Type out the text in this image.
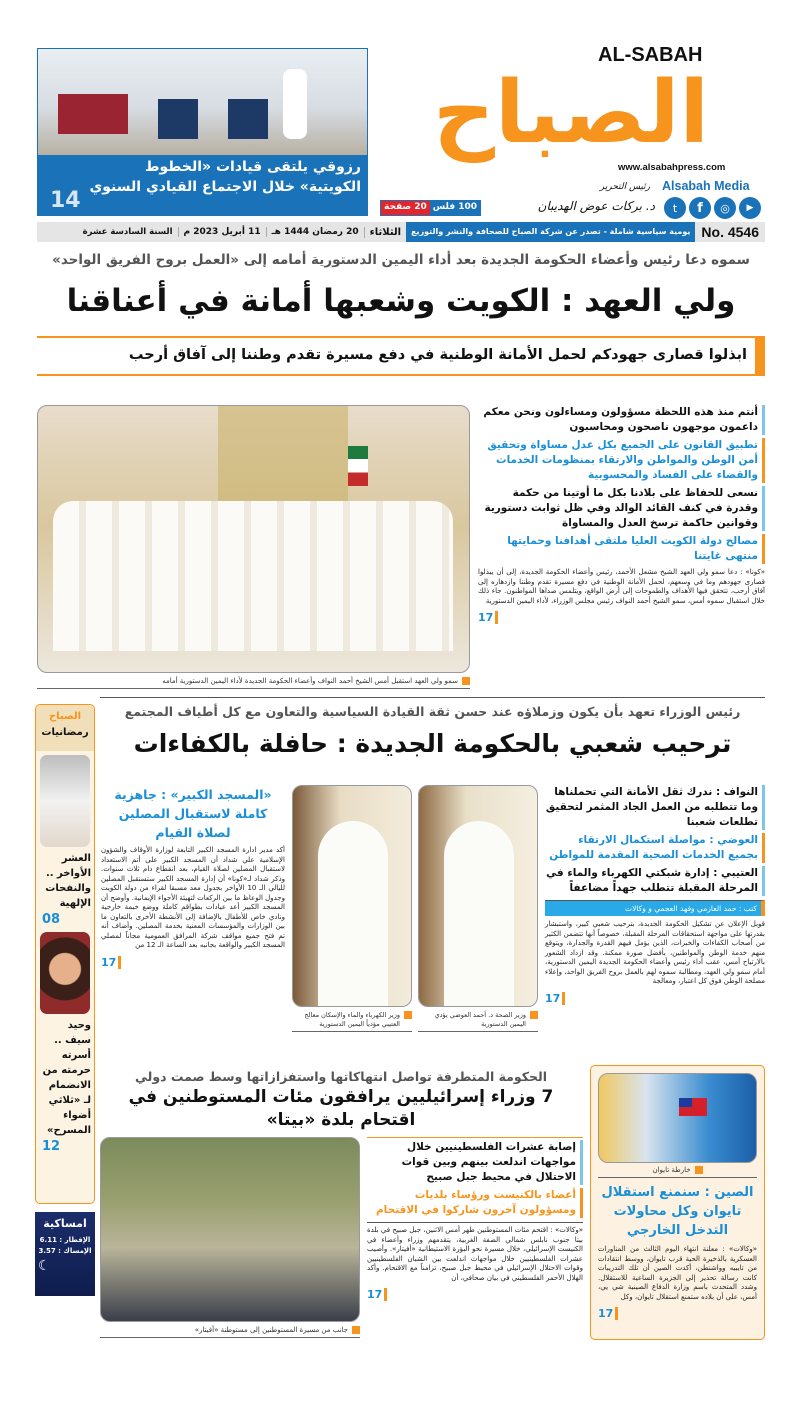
رزوقي يلتقى قيادات «الخطوط الكويتية» خلال الاجتماع القيادي السنوي
14
AL-SABAH
الصباح
www.alsabahpress.com
Alsabah Media
t	f	◎	▶
رئيس التحرير
د. بركات عوض الهديبان
100 فلس
20 صفحة
No. 4546
يومية سياسية شاملة - تصدر عن شركة الصباح للصحافة والنشر والتوزيع
الثلاثاء
20 رمضان 1444 هـ
11 أبريل 2023 م
السنة السادسة عشرة
سموه دعا رئيس وأعضاء الحكومة الجديدة بعد أداء اليمين الدستورية أمامه إلى «العمل بروح الفريق الواحد»
ولي العهد : الكويت وشعبها أمانة في أعناقنا
ابذلوا قصارى جهودكم لحمل الأمانة الوطنية في دفع مسيرة تقدم وطننا إلى آفاق أرحب
سمو ولي العهد استقبل أمس الشيخ أحمد النواف وأعضاء الحكومة الجديدة لأداء اليمين الدستورية أمامه
أنتم منذ هذه اللحظة مسؤولون ومساءلون ونحن معكم داعمون موجهون ناصحون ومحاسبون
تطبيق القانون على الجميع بكل عدل مساواة وتحقيق أمن الوطن والمواطن والارتقاء بمنظومات الخدمات والقضاء على الفساد والمحسوبية
نسعى للحفاظ على بلادنا بكل ما أوتينا من حكمة وقدرة في كنف القائد الوالد وفي ظل ثوابت دستورية وقوانين حاكمة ترسخ العدل والمساواة
مصالح دولة الكويت العليا ملتقى أهدافنا وحمايتها منتهى غايتنا
«كونا» : دعا سمو ولي العهد الشيخ مشعل الأحمد، رئيس وأعضاء الحكومة الجديدة، إلى أن يبذلوا قصارى جهودهم وما في وسعهم، لحمل الأمانة الوطنية في دفع مسيرة تقدم وطننا وازدهاره إلى آفاق أرحب، تتحقق فيها الأهداف والطموحات إلى أرض الواقع، ويتلمس صداها المواطنون. جاء ذلك خلال استقبال سموه أمس، سمو الشيخ أحمد النواف رئيس مجلس الوزراء، لأداء اليمين الدستورية
17
الصباح
رمضانيات
العشر الأواخر .. والنفحات الإلهية
08
وحيد سيف .. أسرته حرمته من الانضمام لـ «ثلاثي أضواء المسرح»
12
امساكية
الإفطار : 6.11
الإمساك : 3.57
☾
رئيس الوزراء تعهد بأن يكون وزملاؤه عند حسن ثقة القيادة السياسية والتعاون مع كل أطياف المجتمع
ترحيب شعبي بالحكومة الجديدة : حافلة بالكفاءات
النواف : ندرك ثقل الأمانة التي تحملناها وما تتطلبه من العمل الجاد المثمر لتحقيق تطلعات شعبنا
العوضي : مواصلة استكمال الارتقاء بجميع الخدمات الصحية المقدمة للمواطن
العتيبي : إدارة شبكتي الكهرباء والماء في المرحلة المقبلة تتطلب جهداً مضاعفاً
كتب : حمد العازمي وفهد العجمي و وكالات
قوبل الإعلان عن تشكيل الحكومة الجديدة، بترحيب شعبي كبير، واستبشار بقدرتها على مواجهة استحقاقات المرحلة المقبلة، خصوصاً أنها تتضمن الكثير من أصحاب الكفاءات والخبرات، الذين يؤمل فيهم القدرة والجدارة، ويتوقع منهم خدمة الوطن والمواطنين، بأفضل صورة ممكنة. وقد ازداد الشعور بالارتياح أمس، عقب أداء رئيس وأعضاء الحكومة الجديدة اليمين الدستورية، أمام سمو ولي العهد، ومطالبة سموه لهم بالعمل بروح الفريق الواحد، وإعلاء مصلحة الوطن فوق كل اعتبار، ومعالجة
17
وزير الصحة د. أحمد العوضي يؤدي اليمين الدستورية
وزير الكهرباء والماء والإسكان معالج العتيبي مؤدياً اليمين الدستورية
«المسجد الكبير» : جاهزية كاملة لاستقبال المصلين لصلاة القيام
أكد مدير ادارة المسجد الكبير التابعة لوزارة الأوقاف والشؤون الإسلامية علي شداد أن المسجد الكبير على أتم الاستعداد لاستقبال المصلين لصلاة القيام، بعد انقطاع دام ثلاث سنوات. وذكر شداد لـ«كونا» أن إدارة المسجد الكبير ستستقبل المصلين لليالي الـ 10 الأواخر بجدول معد مسبقا لقراء من دولة الكويت وجدول الوعاظ ما بين الركعات لتهيئة الأجواء الإيمانية. وأوضح أن المسجد الكبير أعد عيادات بطواقم كاملة ووضع خيمة خارجية ونادي خاص للأطفال بالإضافة إلى الأنشطة الأخرى بالتعاون ما بين الوزارات والمؤسسات المعنية بخدمة المصلين. وأضاف أنه تم فتح جميع مواقف شركة المرافق العمومية مجاناً لمصلي المسجد الكبير والواقعة بجانبه بعد الساعة الـ 12 من
17
الحكومة المتطرفة تواصل انتهاكاتها واستفزازاتها وسط صمت دولي
7 وزراء إسرائيليين يرافقون مئات المستوطنين في اقتحام بلدة «بيتا»
جانب من مسيرة المستوطنين إلى مستوطنة «أفيتار»
إصابة عشرات الفلسطينيين خلال مواجهات اندلعت بينهم وبين قوات الاحتلال في محيط جبل صبيح
أعضاء بالكنيست ورؤساء بلديات ومسؤولون آخرون شاركوا في الاقتحام
«وكالات» : اقتحم مئات المستوطنين ظهر أمس الاثنين، جبل صبيح في بلدة بيتا جنوب نابلس شمالي الضفة الغربية، يتقدمهم وزراء وأعضاء في الكنيست الإسرائيلي، خلال مسيرة نحو البؤرة الاستيطانية «أفيتار». وأصيب عشرات الفلسطينيين خلال مواجهات اندلعت بين الشبان الفلسطينيين وقوات الاحتلال الإسرائيلي في محيط جبل صبيح، تزامناً مع الاقتحام. وأكد الهلال الأحمر الفلسطيني في بيان صحافي، أن
17
خارطة تايوان
الصين : سنمنع استقلال تايوان وكل محاولات التدخل الخارجي
«وكالات» : معلنة انتهاء اليوم الثالث من المناورات العسكرية بالذخيرة الحية قرب تايوان، ووسط انتقادات من تايبيه وواشنطن، أكدت الصين أن تلك التدريبات كانت رسالة تحذير إلى الجزيرة الساعية للاستقلال. وشدد المتحدث باسم وزارة الدفاع الصينية شي يي، أمس، على أن بلاده ستمنع استقلال تايوان، وكل
17
